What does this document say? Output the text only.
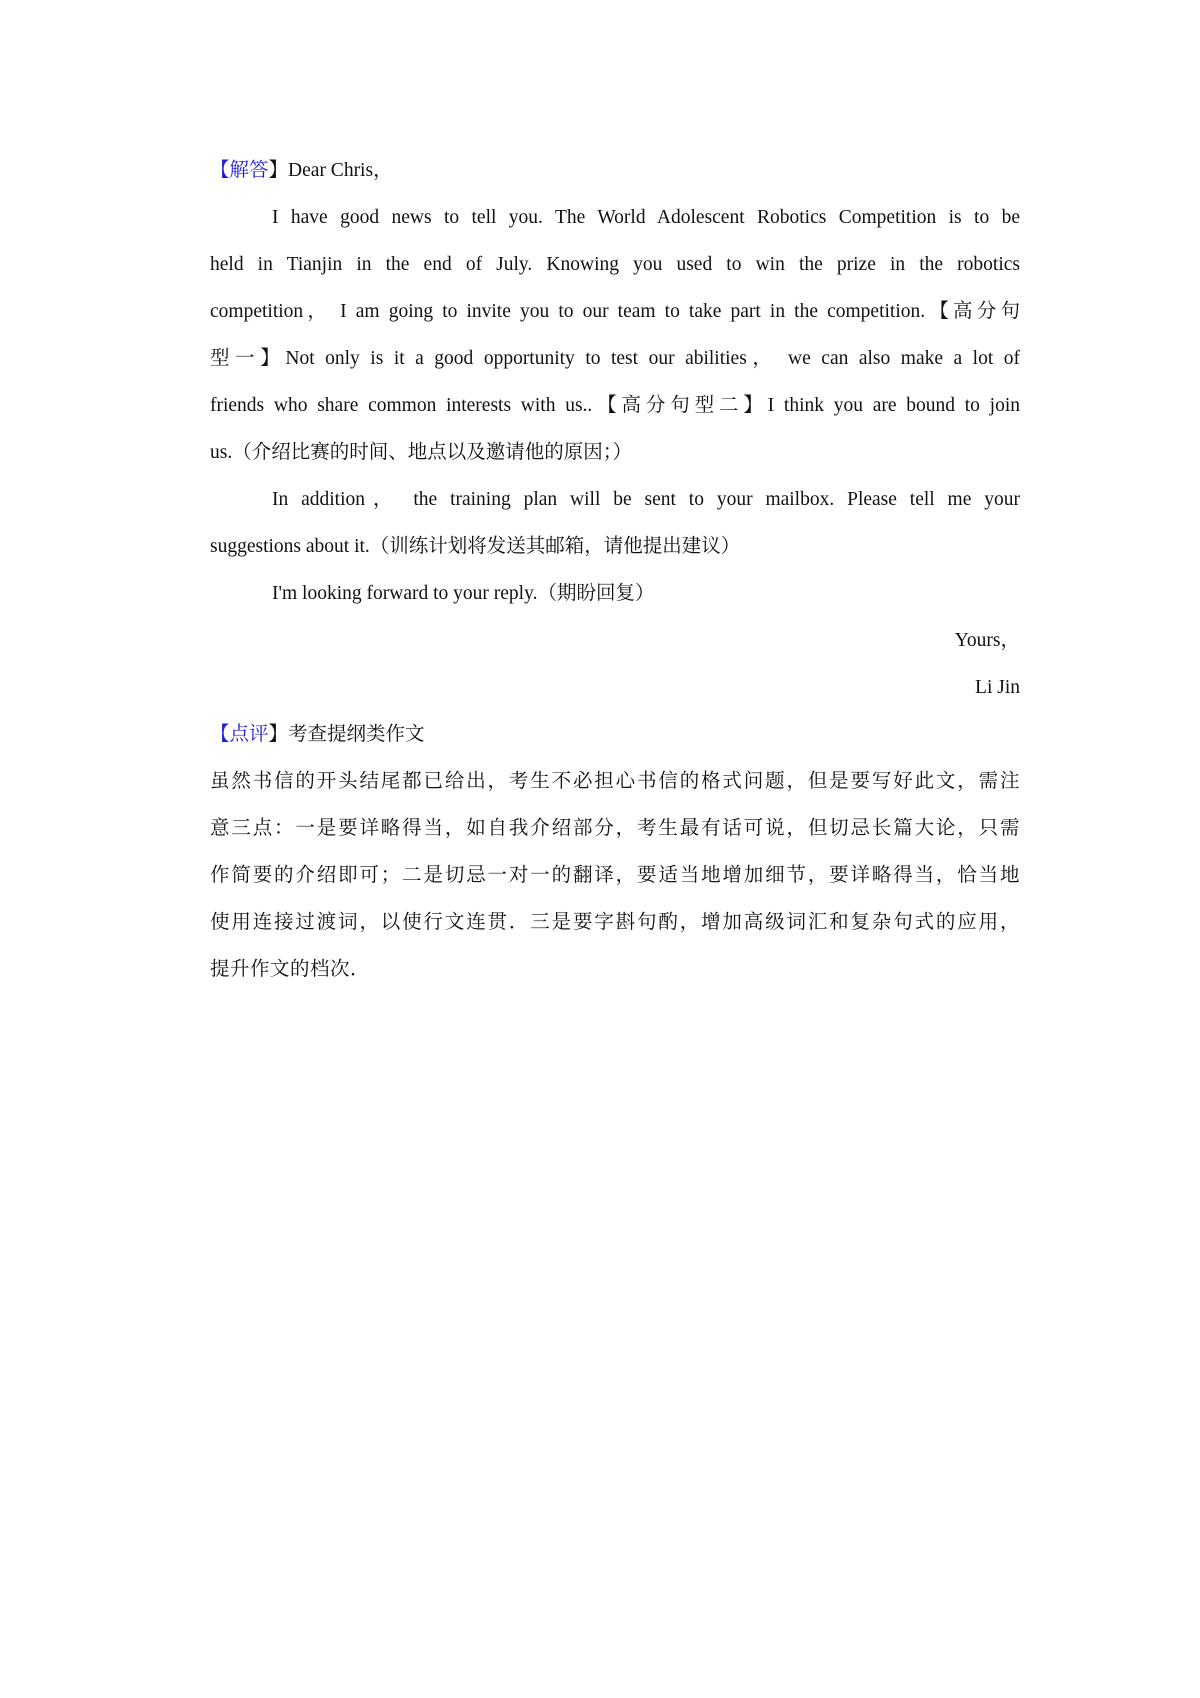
【解答】Dear Chris，
I have good news to tell you. The World Adolescent Robotics Competition is to be
held in Tianjin in the end of July. Knowing you used to win the prize in the robotics
competition， I am going to invite you to our team to take part in the competition.【高分句
型一】Not only is it a good opportunity to test our abilities， we can also make a lot of
friends who share common interests with us..【高分句型二】I think you are bound to join
us.（介绍比赛的时间、地点以及邀请他的原因；）
In addition， the training plan will be sent to your mailbox. Please tell me your
suggestions about it.（训练计划将发送其邮箱，请他提出建议）
I'm looking forward to your reply.（期盼回复）
Yours，
Li Jin
【点评】考查提纲类作文
虽然书信的开头结尾都已给出，考生不必担心书信的格式问题，但是要写好此文，需注
意三点：一是要详略得当，如自我介绍部分，考生最有话可说，但切忌长篇大论，只需
作简要的介绍即可；二是切忌一对一的翻译，要适当地增加细节，要详略得当，恰当地
使用连接过渡词，以使行文连贯．三是要字斟句酌，增加高级词汇和复杂句式的应用，
提升作文的档次．
